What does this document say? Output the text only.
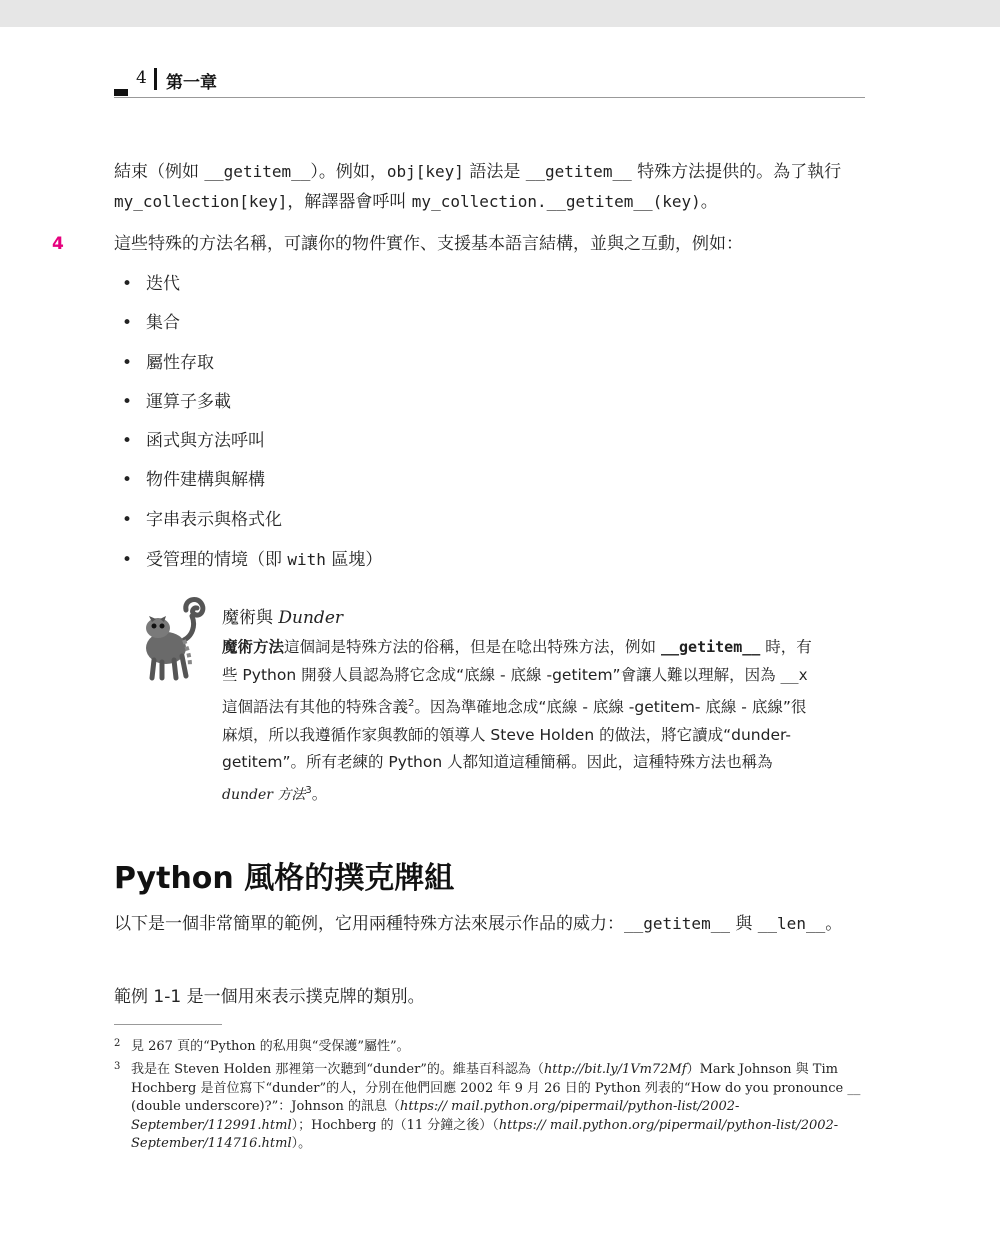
4 第一章

結束（例如 __getitem__）。例如，obj[key] 語法是 __getitem__ 特殊方法提供的。為了執行 my_collection[key]，解譯器會呼叫 my_collection.__getitem__(key)。

4	這些特殊的方法名稱，可讓你的物件實作、支援基本語言結構，並與之互動，例如：

• 迭代
• 集合
• 屬性存取
• 運算子多載
• 函式與方法呼叫
• 物件建構與解構
• 字串表示與格式化
• 受管理的情境（即 with 區塊）
魔術與 Dunder

魔術方法這個詞是特殊方法的俗稱，但是在唸出特殊方法，例如 __getitem__ 時，有些 Python 開發人員認為將它念成“底線 - 底線 -getitem”會讓人難以理解，因為 __x 這個語法有其他的特殊含義$^2$。因為準確地念成“底線 - 底線 -getitem- 底線 - 底線”很麻煩，所以我遵循作家與教師的領導人 Steve Holden 的做法，將它讀成“dunder-getitem”。所有老練的 Python 人都知道這種簡稱。因此，這種特殊方法也稱為 dunder 方法$^3$。

Python 風格的撲克牌組

以下是一個非常簡單的範例，它用兩種特殊方法來展示作品的威力：__getitem__ 與 __len__。

範例 1-1 是一個用來表示撲克牌的類別。

2 見 267 頁的“Python 的私用與“受保護”屬性”。

3 我是在 Steven Holden 那裡第一次聽到“dunder”的。維基百科認為（http://bit.ly/1Vm72Mf）Mark Johnson 與 Tim Hochberg 是首位寫下“dunder”的人，分別在他們回應 2002 年 9 月 26 日的 Python 列表的“How do you pronounce __ (double underscore)?”：Johnson 的訊息（https:// mail.python.org/pipermail/python-list/2002-September/112991.html）；Hochberg 的（11 分鐘之後）（https:// mail.python.org/pipermail/python-list/2002-September/114716.html）。
